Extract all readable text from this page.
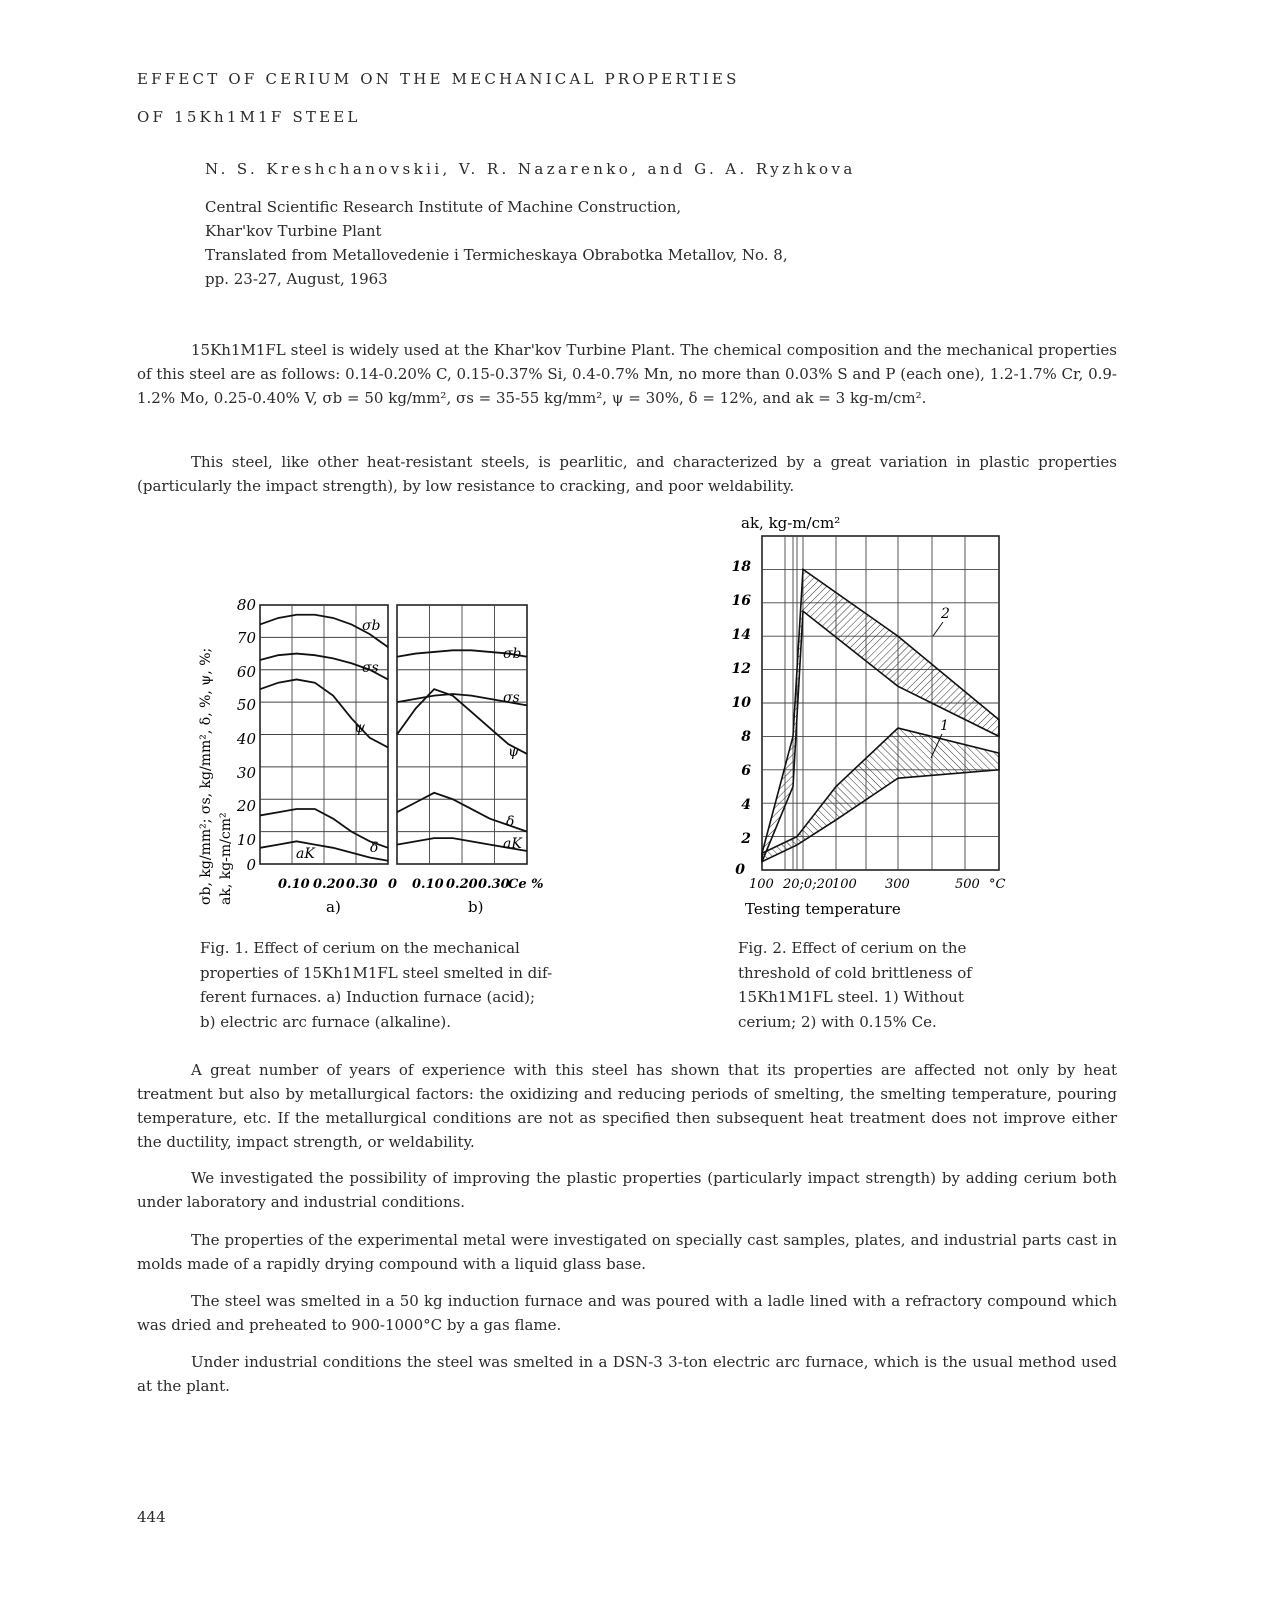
EFFECT OF CERIUM ON THE MECHANICAL PROPERTIES
OF 15Kh1M1F STEEL
N. S. Kreshchanovskii, V. R. Nazarenko, and G. A. Ryzhkova
Central Scientific Research Institute of Machine Construction,
Khar'kov Turbine Plant
Translated from Metallovedenie i Termicheskaya Obrabotka Metallov, No. 8,
pp. 23-27, August, 1963
15Kh1M1FL steel is widely used at the Khar'kov Turbine Plant. The chemical composition and the mechanical properties of this steel are as follows: 0.14-0.20% C, 0.15-0.37% Si, 0.4-0.7% Mn, no more than 0.03% S and P (each one), 1.2-1.7% Cr, 0.9-1.2% Mo, 0.25-0.40% V, σb = 50 kg/mm², σs = 35-55 kg/mm², ψ = 30%, δ = 12%, and ak = 3 kg-m/cm².
This steel, like other heat-resistant steels, is pearlitic, and characterized by a great variation in plastic properties (particularly the impact strength), by low resistance to cracking, and poor weldability.
σb, kg/mm²; σs, kg/mm², δ, %, ψ, %; ak, kg-m/cm²
80
70
60
50
40
30
20
10
0
σb
σs
ψ
δ
aK
σb
σs
ψ
δ
aK
0.10 0.20 0.30 0 0.10 0.20 0.30
Ce %
a)	b)
Fig. 1. Effect of cerium on the mechanical
properties of 15Kh1M1FL steel smelted in dif-
ferent furnaces. a) Induction furnace (acid);
b) electric arc furnace (alkaline).
ak, kg-m/cm²
18
16
14
12
10
8
6
4
2
0
1
2
100 20;0;20
100 300	500 °C
Testing temperature
Fig. 2. Effect of cerium on the
threshold of cold brittleness of
15Kh1M1FL steel. 1) Without
cerium; 2) with 0.15% Ce.
A great number of years of experience with this steel has shown that its properties are affected not only by heat treatment but also by metallurgical factors: the oxidizing and reducing periods of smelting, the smelting temperature, pouring temperature, etc. If the metallurgical conditions are not as specified then subsequent heat treatment does not improve either the ductility, impact strength, or weldability.
We investigated the possibility of improving the plastic properties (particularly impact strength) by adding cerium both under laboratory and industrial conditions.
The properties of the experimental metal were investigated on specially cast samples, plates, and industrial parts cast in molds made of a rapidly drying compound with a liquid glass base.
The steel was smelted in a 50 kg induction furnace and was poured with a ladle lined with a refractory compound which was dried and preheated to 900-1000°C by a gas flame.
Under industrial conditions the steel was smelted in a DSN-3 3-ton electric arc furnace, which is the usual method used at the plant.
444
